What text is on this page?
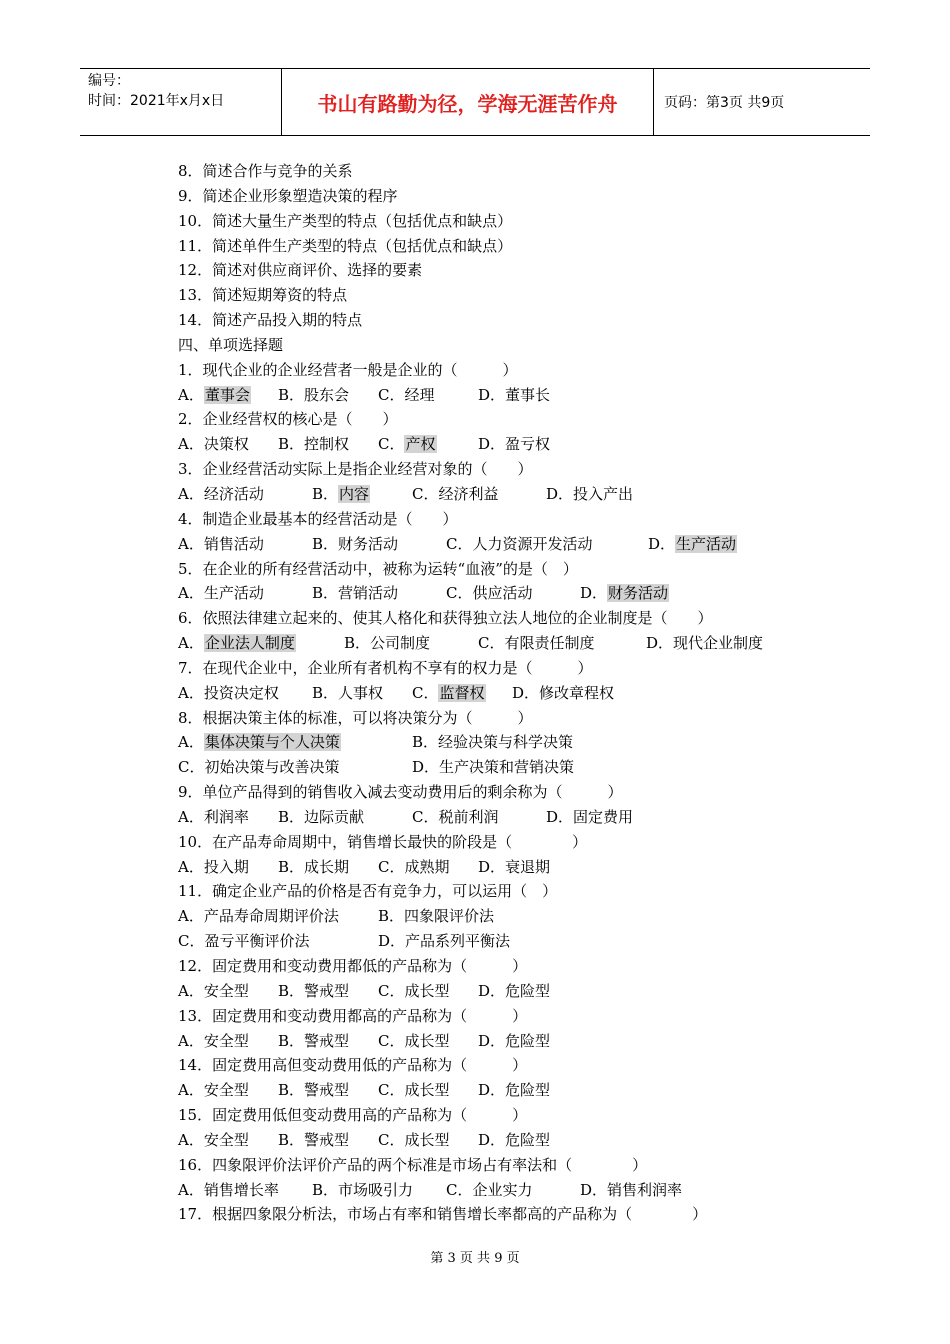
编号：
时间：2021年x月x日	书山有路勤为径，学海无涯苦作舟	页码：第3页 共9页
8．简述合作与竞争的关系
9．简述企业形象塑造决策的程序
10．简述大量生产类型的特点（包括优点和缺点）
11．简述单件生产类型的特点（包括优点和缺点）
12．简述对供应商评价、选择的要素
13．简述短期筹资的特点
14．简述产品投入期的特点
四、单项选择题
1．现代企业的企业经营者一般是企业的（　　　）
A．董事会 B．股东会 C．经理	D．董事长
2．企业经营权的核心是（　　）
A．决策权 B．控制权 C．产权	D．盈亏权
3．企业经营活动实际上是指企业经营对象的（　　）
A．经济活动	B．内容	C．经济利益	D．投入产出
4．制造企业最基本的经营活动是（　　）
A．销售活动	B．财务活动	C．人力资源开发活动	D．生产活动
5．在企业的所有经营活动中，被称为运转“血液”的是（　）
A．生产活动	B．营销活动	C．供应活动	D．财务活动
6．依照法律建立起来的、使其人格化和获得独立法人地位的企业制度是（　　）
A．企业法人制度	B．公司制度	C．有限责任制度	D．现代企业制度
7．在现代企业中，企业所有者机构不享有的权力是（　　　）
A．投资决定权 B．人事权 C．监督权 D．修改章程权
8．根据决策主体的标准，可以将决策分为（　　　）
A．集体决策与个人决策	B．经验决策与科学决策
C．初始决策与改善决策	D．生产决策和营销决策
9．单位产品得到的销售收入减去变动费用后的剩余称为（　　　）
A．利润率 B．边际贡献	C．税前利润	D．固定费用
10．在产品寿命周期中，销售增长最快的阶段是（　　　　）
A．投入期 B．成长期 C．成熟期 D．衰退期
11．确定企业产品的价格是否有竞争力，可以运用（　）
A．产品寿命周期评价法	B．四象限评价法
C．盈亏平衡评价法	D．产品系列平衡法
12．固定费用和变动费用都低的产品称为（　　　）
A．安全型 B．警戒型 C．成长型 D．危险型
13．固定费用和变动费用都高的产品称为（　　　）
A．安全型 B．警戒型 C．成长型 D．危险型
14．固定费用高但变动费用低的产品称为（　　　）
A．安全型 B．警戒型 C．成长型 D．危险型
15．固定费用低但变动费用高的产品称为（　　　）
A．安全型 B．警戒型 C．成长型 D．危险型
16．四象限评价法评价产品的两个标准是市场占有率法和（　　　　）
A．销售增长率 B．市场吸引力 C．企业实力	D．销售利润率
17．根据四象限分析法，市场占有率和销售增长率都高的产品称为（　　　　）
第 3 页 共 9 页
